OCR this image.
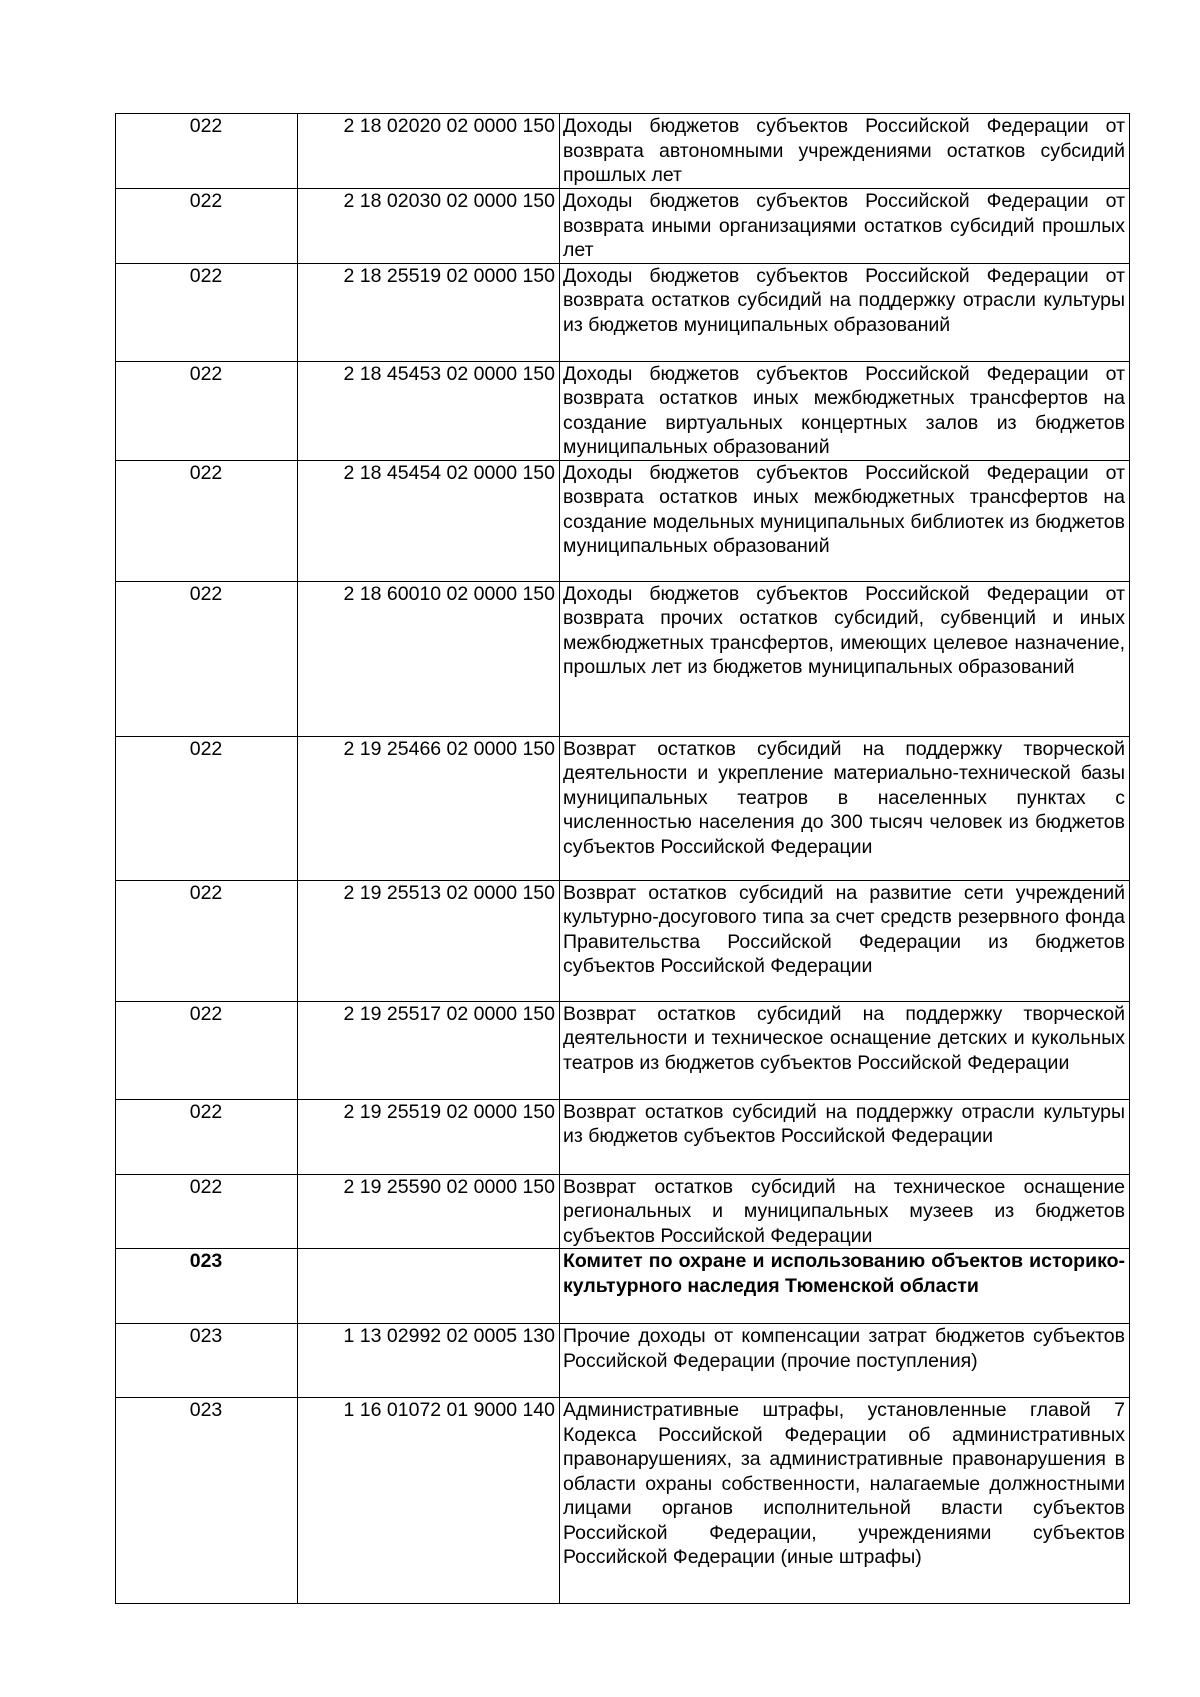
022	2 18 02020 02 0000 150	Доходы бюджетов субъектов Российской Федерации от возврата автономными учреждениями остатков субсидий прошлых лет
022	2 18 02030 02 0000 150	Доходы бюджетов субъектов Российской Федерации от возврата иными организациями остатков субсидий прошлых лет
022	2 18 25519 02 0000 150	Доходы бюджетов субъектов Российской Федерации от возврата остатков субсидий на поддержку отрасли культуры из бюджетов муниципальных образований
022	2 18 45453 02 0000 150	Доходы бюджетов субъектов Российской Федерации от возврата остатков иных межбюджетных трансфертов на создание виртуальных концертных залов из бюджетов муниципальных образований
022	2 18 45454 02 0000 150	Доходы бюджетов субъектов Российской Федерации от возврата остатков иных межбюджетных трансфертов на создание модельных муниципальных библиотек из бюджетов муниципальных образований
022	2 18 60010 02 0000 150	Доходы бюджетов субъектов Российской Федерации от возврата прочих остатков субсидий, субвенций и иных межбюджетных трансфертов, имеющих целевое назначение, прошлых лет из бюджетов муниципальных образований
022	2 19 25466 02 0000 150	Возврат остатков субсидий на поддержку творческой деятельности и укрепление материально-технической базы муниципальных театров в населенных пунктах с численностью населения до 300 тысяч человек из бюджетов субъектов Российской Федерации
022	2 19 25513 02 0000 150	Возврат остатков субсидий на развитие сети учреждений культурно-досугового типа за счет средств резервного фонда Правительства Российской Федерации из бюджетов субъектов Российской Федерации
022	2 19 25517 02 0000 150	Возврат остатков субсидий на поддержку творческой деятельности и техническое оснащение детских и кукольных театров из бюджетов субъектов Российской Федерации
022	2 19 25519 02 0000 150	Возврат остатков субсидий на поддержку отрасли культуры из бюджетов субъектов Российской Федерации
022	2 19 25590 02 0000 150	Возврат остатков субсидий на техническое оснащение региональных и муниципальных музеев из бюджетов субъектов Российской Федерации
023		Комитет по охране и использованию объектов историко-культурного наследия Тюменской области
023	1 13 02992 02 0005 130	Прочие доходы от компенсации затрат бюджетов субъектов Российской Федерации (прочие поступления)
023	1 16 01072 01 9000 140	Административные штрафы, установленные главой 7 Кодекса Российской Федерации об административных правонарушениях, за административные правонарушения в области охраны собственности, налагаемые должностными лицами органов исполнительной власти субъектов Российской Федерации, учреждениями субъектов Российской Федерации (иные штрафы)
